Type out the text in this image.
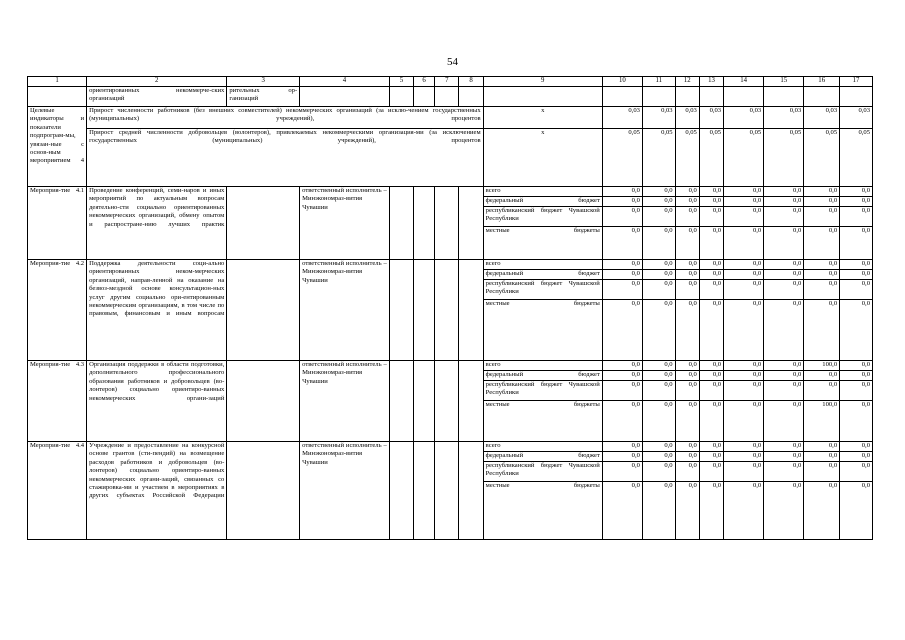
54
1	2	3	4	5	6	7	8	9	10	11	12	13	14	15	16	17
	ориентированных некоммерче-ских организаций	рительных ор-ганизаций														
Целевые индикаторы и показатели подпрограм-мы, увязан-ные с основ-ным мероприятием 4	Прирост численности работников (без внешних совместителей) некоммерческих организаций (за исклю-чением государственных (муниципальных) учреждений), процентов							х	0,03	0,03	0,03	0,03	0,03	0,03	0,03	0,03
	Прирост средней численности добровольцев (волонтеров), привлекаемых некоммерческими организация-ми (за исключением государственных (муниципальных) учреждений), процентов							х	0,05	0,05	0,05	0,05	0,05	0,05	0,05	0,05
Мероприя-тие 4.1	Проведение конференций, семи-наров и иных мероприятий по актуальным вопросам деятельно-сти социально ориентированных некоммерческих организаций, обмену опытом и распростране-нию лучших практик		ответственный исполнитель – Минэкономраз-вития Чувашии					всего	0,0	0,0	0,0	0,0	0,0	0,0	0,0	0,0
								федеральный бюджет	0,0	0,0	0,0	0,0	0,0	0,0	0,0	0,0
								республиканский бюджет Чувашской Республики	0,0	0,0	0,0	0,0	0,0	0,0	0,0	0,0
								местные бюджеты	0,0	0,0	0,0	0,0	0,0	0,0	0,0	0,0
Мероприя-тие 4.2	Поддержка деятельности соци-ально ориентированных неком-мерческих организаций, направ-ленной на оказание на безвоз-мездной основе консультацион-ных услуг другим социально ори-ентированным некоммерческим организациям, в том числе по правовым, финансовым и иным вопросам		ответственный исполнитель – Минэкономраз-вития Чувашии					всего	0,0	0,0	0,0	0,0	0,0	0,0	0,0	0,0
								федеральный бюджет	0,0	0,0	0,0	0,0	0,0	0,0	0,0	0,0
								республиканский бюджет Чувашской Республики	0,0	0,0	0,0	0,0	0,0	0,0	0,0	0,0
								местные бюджеты	0,0	0,0	0,0	0,0	0,0	0,0	0,0	0,0
Мероприя-тие 4.3	Организация поддержки в области подготовки, дополнительного профессионального образования работников и добровольцев (во-лонтеров) социально ориентиро-ванных некоммерческих органи-заций		ответственный исполнитель – Минэкономраз-вития Чувашии					всего	0,0	0,0	0,0	0,0	0,0	0,0	100,0	0,0
								федеральный бюджет	0,0	0,0	0,0	0,0	0,0	0,0	0,0	0,0
								республиканский бюджет Чувашской Республики	0,0	0,0	0,0	0,0	0,0	0,0	0,0	0,0
								местные бюджеты	0,0	0,0	0,0	0,0	0,0	0,0	100,0	0,0
Мероприя-тие 4.4	Учреждение и предоставление на конкурсной основе грантов (сти-пендий) на возмещение расходов работников и добровольцев (во-лонтеров) социально ориентиро-ванных некоммерческих органи-заций, связанных со стажировка-ми и участием в мероприятиях в других субъектах Российской Федерации		ответственный исполнитель – Минэкономраз-вития Чувашии					всего	0,0	0,0	0,0	0,0	0,0	0,0	0,0	0,0
								федеральный бюджет	0,0	0,0	0,0	0,0	0,0	0,0	0,0	0,0
								республиканский бюджет Чувашской Республики	0,0	0,0	0,0	0,0	0,0	0,0	0,0	0,0
								местные бюджеты	0,0	0,0	0,0	0,0	0,0	0,0	0,0	0,0
